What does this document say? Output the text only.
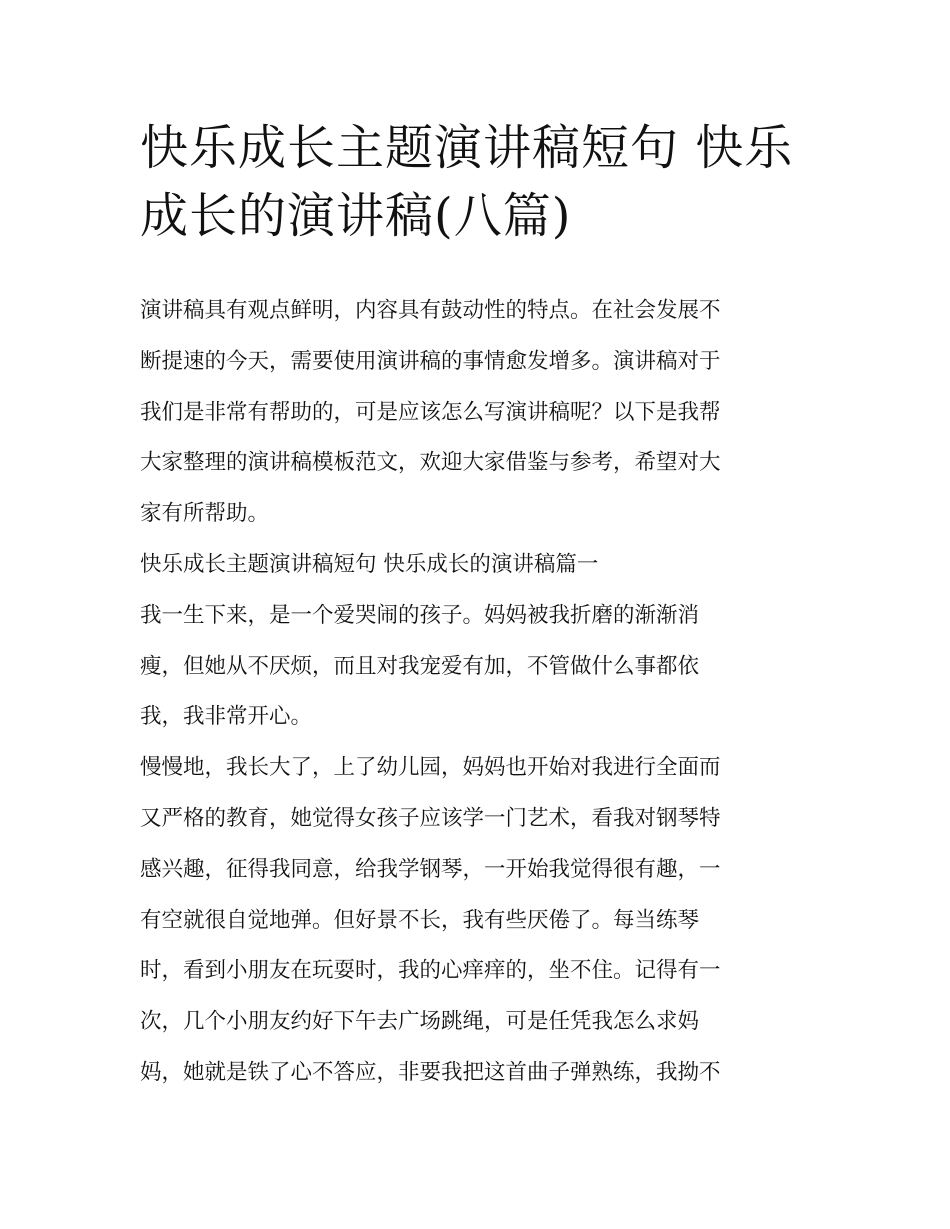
快乐成长主题演讲稿短句 快乐
成长的演讲稿(八篇)

演讲稿具有观点鲜明，内容具有鼓动性的特点。在社会发展不
断提速的今天，需要使用演讲稿的事情愈发增多。演讲稿对于
我们是非常有帮助的，可是应该怎么写演讲稿呢？以下是我帮
大家整理的演讲稿模板范文，欢迎大家借鉴与参考，希望对大
家有所帮助。

快乐成长主题演讲稿短句 快乐成长的演讲稿篇一

我一生下来，是一个爱哭闹的孩子。妈妈被我折磨的渐渐消
瘦，但她从不厌烦，而且对我宠爱有加，不管做什么事都依
我，我非常开心。

慢慢地，我长大了，上了幼儿园，妈妈也开始对我进行全面而
又严格的教育，她觉得女孩子应该学一门艺术，看我对钢琴特
感兴趣，征得我同意，给我学钢琴，一开始我觉得很有趣，一
有空就很自觉地弹。但好景不长，我有些厌倦了。每当练琴
时，看到小朋友在玩耍时，我的心痒痒的，坐不住。记得有一
次，几个小朋友约好下午去广场跳绳，可是任凭我怎么求妈
妈，她就是铁了心不答应，非要我把这首曲子弹熟练，我拗不
